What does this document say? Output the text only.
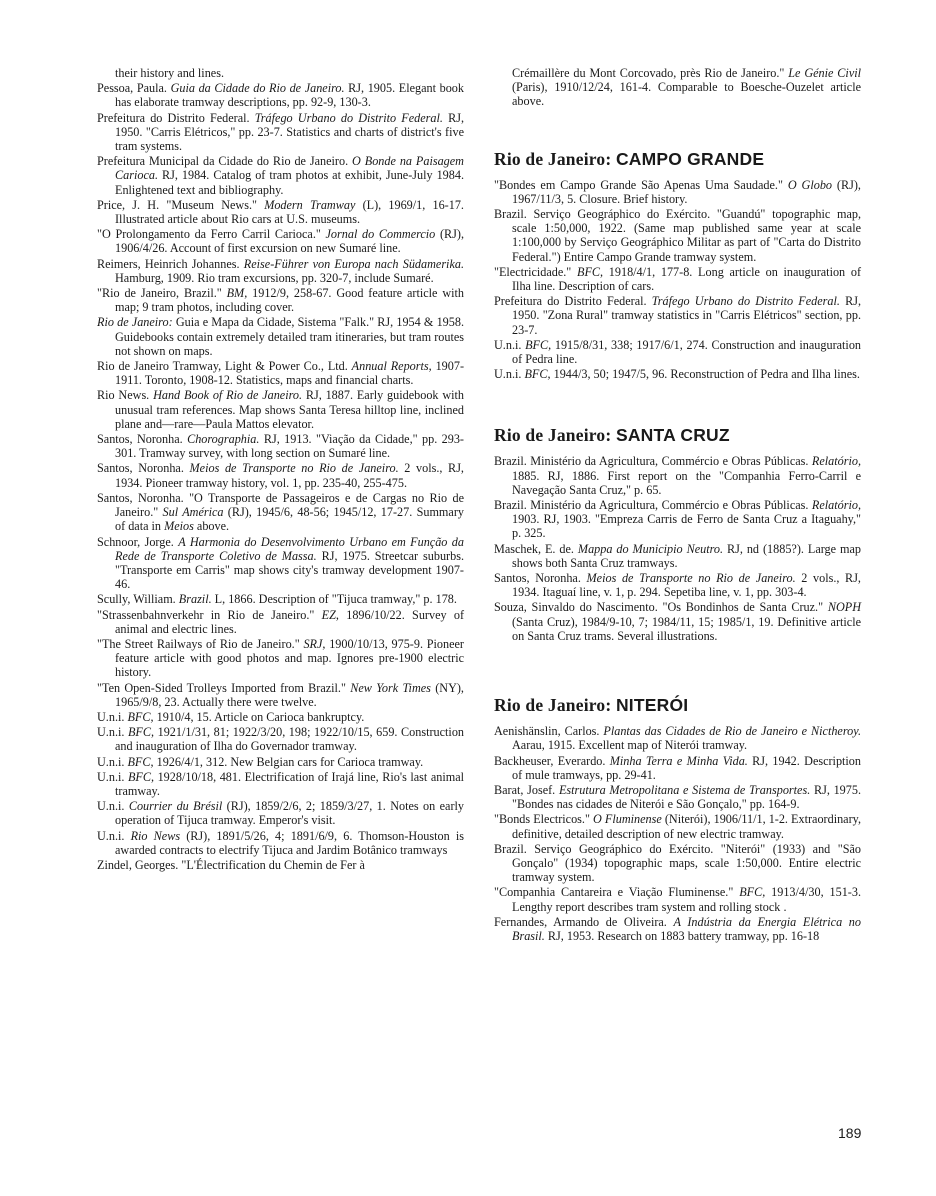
their history and lines.

Pessoa, Paula. Guia da Cidade do Rio de Janeiro. RJ, 1905. Elegant book has elaborate tramway descriptions, pp. 92-9, 130-3.

Prefeitura do Distrito Federal. Tráfego Urbano do Distrito Federal. RJ, 1950. "Carris Elétricos," pp. 23-7. Statistics and charts of district's five tram systems.

Prefeitura Municipal da Cidade do Rio de Janeiro. O Bonde na Paisagem Carioca. RJ, 1984. Catalog of tram photos at exhibit, June-July 1984. Enlightened text and bibliography.

Price, J. H. "Museum News." Modern Tramway (L), 1969/1, 16-17. Illustrated article about Rio cars at U.S. museums.

"O Prolongamento da Ferro Carril Carioca." Jornal do Commercio (RJ), 1906/4/26. Account of first excursion on new Sumaré line.

Reimers, Heinrich Johannes. Reise-Führer von Europa nach Südamerika. Hamburg, 1909. Rio tram excursions, pp. 320-7, include Sumaré.

"Rio de Janeiro, Brazil." BM, 1912/9, 258-67. Good feature article with map; 9 tram photos, including cover.

Rio de Janeiro: Guia e Mapa da Cidade, Sistema "Falk." RJ, 1954 & 1958. Guidebooks contain extremely detailed tram itineraries, but tram routes not shown on maps.

Rio de Janeiro Tramway, Light & Power Co., Ltd. Annual Reports, 1907-1911. Toronto, 1908-12. Statistics, maps and financial charts.

Rio News. Hand Book of Rio de Janeiro. RJ, 1887. Early guidebook with unusual tram references. Map shows Santa Teresa hilltop line, inclined plane and—rare—Paula Mattos elevator.

Santos, Noronha. Chorographia. RJ, 1913. "Viação da Cidade," pp. 293-301. Tramway survey, with long section on Sumaré line.

Santos, Noronha. Meios de Transporte no Rio de Janeiro. 2 vols., RJ, 1934. Pioneer tramway history, vol. 1, pp. 235-40, 255-475.

Santos, Noronha. "O Transporte de Passageiros e de Cargas no Rio de Janeiro." Sul América (RJ), 1945/6, 48-56; 1945/12, 17-27. Summary of data in Meios above.

Schnoor, Jorge. A Harmonia do Desenvolvimento Urbano em Função da Rede de Transporte Coletivo de Massa. RJ, 1975. Streetcar suburbs. "Transporte em Carris" map shows city's tramway development 1907-46.

Scully, William. Brazil. L, 1866. Description of "Tijuca tramway," p. 178.

"Strassenbahnverkehr in Rio de Janeiro." EZ, 1896/10/22. Survey of animal and electric lines.

"The Street Railways of Rio de Janeiro." SRJ, 1900/10/13, 975-9. Pioneer feature article with good photos and map. Ignores pre-1900 electric history.

"Ten Open-Sided Trolleys Imported from Brazil." New York Times (NY), 1965/9/8, 23. Actually there were twelve.

U.n.i. BFC, 1910/4, 15. Article on Carioca bankruptcy.

U.n.i. BFC, 1921/1/31, 81; 1922/3/20, 198; 1922/10/15, 659. Construction and inauguration of Ilha do Governador tramway.

U.n.i. BFC, 1926/4/1, 312. New Belgian cars for Carioca tramway.

U.n.i. BFC, 1928/10/18, 481. Electrification of Irajá line, Rio's last animal tramway.

U.n.i. Courrier du Brésil (RJ), 1859/2/6, 2; 1859/3/27, 1. Notes on early operation of Tijuca tramway. Emperor's visit.

U.n.i. Rio News (RJ), 1891/5/26, 4; 1891/6/9, 6. Thomson-Houston is awarded contracts to electrify Tijuca and Jardim Botânico tramways

Zindel, Georges. "L'Électrification du Chemin de Fer à

Crémaillère du Mont Corcovado, près Rio de Janeiro." Le Génie Civil (Paris), 1910/12/24, 161-4. Comparable to Boesche-Ouzelet article above.

Rio de Janeiro: CAMPO GRANDE

"Bondes em Campo Grande São Apenas Uma Saudade." O Globo (RJ), 1967/11/3, 5. Closure. Brief history.

Brazil. Serviço Geográphico do Exército. "Guandú" topographic map, scale 1:50,000, 1922. (Same map published same year at scale 1:100,000 by Serviço Geográphico Militar as part of "Carta do Distrito Federal.") Entire Campo Grande tramway system.

"Electricidade." BFC, 1918/4/1, 177-8. Long article on inauguration of Ilha line. Description of cars.

Prefeitura do Distrito Federal. Tráfego Urbano do Distrito Federal. RJ, 1950. "Zona Rural" tramway statistics in "Carris Elétricos" section, pp. 23-7.

U.n.i. BFC, 1915/8/31, 338; 1917/6/1, 274. Construction and inauguration of Pedra line.

U.n.i. BFC, 1944/3, 50; 1947/5, 96. Reconstruction of Pedra and Ilha lines.

Rio de Janeiro: SANTA CRUZ

Brazil. Ministério da Agricultura, Commércio e Obras Públicas. Relatório, 1885. RJ, 1886. First report on the "Companhia Ferro-Carril e Navegação Santa Cruz," p. 65.

Brazil. Ministério da Agricultura, Commércio e Obras Públicas. Relatório, 1903. RJ, 1903. "Empreza Carris de Ferro de Santa Cruz a Itaguahy," p. 325.

Maschek, E. de. Mappa do Municipio Neutro. RJ, nd (1885?). Large map shows both Santa Cruz tramways.

Santos, Noronha. Meios de Transporte no Rio de Janeiro. 2 vols., RJ, 1934. Itaguaí line, v. 1, p. 294. Sepetiba line, v. 1, pp. 303-4.

Souza, Sinvaldo do Nascimento. "Os Bondinhos de Santa Cruz." NOPH (Santa Cruz), 1984/9-10, 7; 1984/11, 15; 1985/1, 19. Definitive article on Santa Cruz trams. Several illustrations.

Rio de Janeiro: NITERÓI

Aenishänslin, Carlos. Plantas das Cidades de Rio de Janeiro e Nictheroy. Aarau, 1915. Excellent map of Niterói tramway.

Backheuser, Everardo. Minha Terra e Minha Vida. RJ, 1942. Description of mule tramways, pp. 29-41.

Barat, Josef. Estrutura Metropolitana e Sistema de Transportes. RJ, 1975. "Bondes nas cidades de Niterói e São Gonçalo," pp. 164-9.

"Bonds Electricos." O Fluminense (Niterói), 1906/11/1, 1-2. Extraordinary, definitive, detailed description of new electric tramway.

Brazil. Serviço Geográphico do Exército. "Niterói" (1933) and "São Gonçalo" (1934) topographic maps, scale 1:50,000. Entire electric tramway system.

"Companhia Cantareira e Viação Fluminense." BFC, 1913/4/30, 151-3. Lengthy report describes tram system and rolling stock .

Fernandes, Armando de Oliveira. A Indústria da Energia Elétrica no Brasil. RJ, 1953. Research on 1883 battery tramway, pp. 16-18

189
